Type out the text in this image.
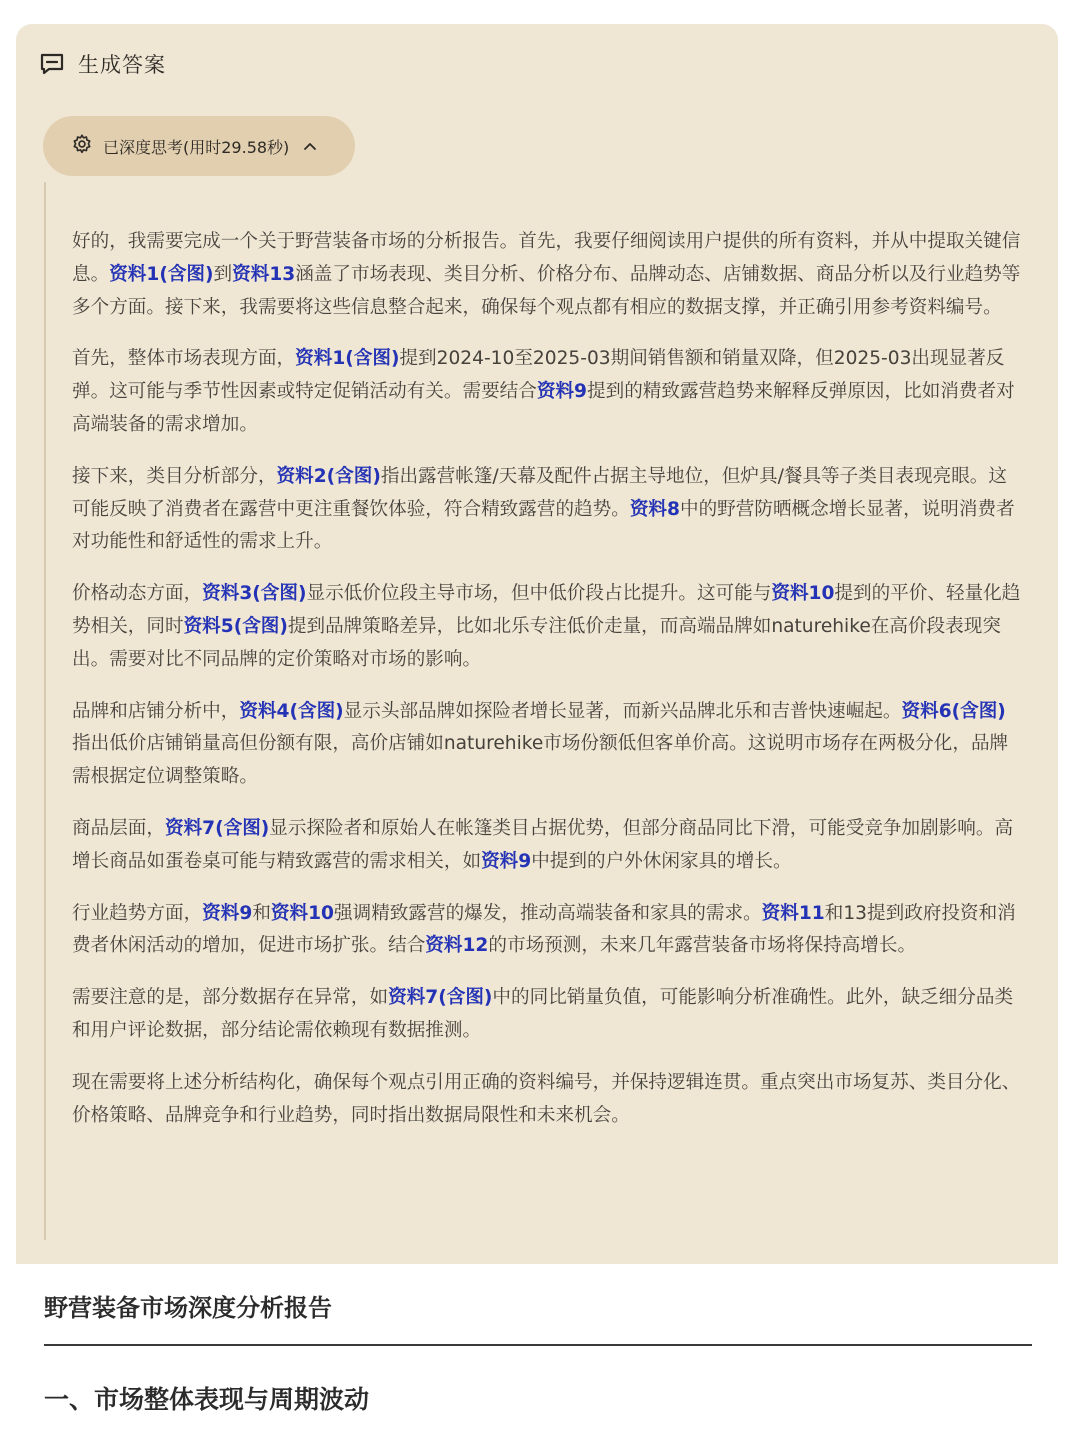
生成答案
已深度思考(用时29.58秒)

好的，我需要完成一个关于野营装备市场的分析报告。首先，我要仔细阅读用户提供的所有资料，并从中提取关键信息。资料1(含图)到资料13涵盖了市场表现、类目分析、价格分布、品牌动态、店铺数据、商品分析以及行业趋势等多个方面。接下来，我需要将这些信息整合起来，确保每个观点都有相应的数据支撑，并正确引用参考资料编号。

首先，整体市场表现方面，资料1(含图)提到2024-10至2025-03期间销售额和销量双降，但2025-03出现显著反弹。这可能与季节性因素或特定促销活动有关。需要结合资料9提到的精致露营趋势来解释反弹原因，比如消费者对高端装备的需求增加。

接下来，类目分析部分，资料2(含图)指出露营帐篷/天幕及配件占据主导地位，但炉具/餐具等子类目表现亮眼。这可能反映了消费者在露营中更注重餐饮体验，符合精致露营的趋势。资料8中的野营防晒概念增长显著，说明消费者对功能性和舒适性的需求上升。

价格动态方面，资料3(含图)显示低价位段主导市场，但中低价段占比提升。这可能与资料10提到的平价、轻量化趋势相关，同时资料5(含图)提到品牌策略差异，比如北乐专注低价走量，而高端品牌如naturehike在高价段表现突出。需要对比不同品牌的定价策略对市场的影响。

品牌和店铺分析中，资料4(含图)显示头部品牌如探险者增长显著，而新兴品牌北乐和吉普快速崛起。资料6(含图)指出低价店铺销量高但份额有限，高价店铺如naturehike市场份额低但客单价高。这说明市场存在两极分化，品牌需根据定位调整策略。

商品层面，资料7(含图)显示探险者和原始人在帐篷类目占据优势，但部分商品同比下滑，可能受竞争加剧影响。高增长商品如蛋卷桌可能与精致露营的需求相关，如资料9中提到的户外休闲家具的增长。

行业趋势方面，资料9和资料10强调精致露营的爆发，推动高端装备和家具的需求。资料11和13提到政府投资和消费者休闲活动的增加，促进市场扩张。结合资料12的市场预测，未来几年露营装备市场将保持高增长。

需要注意的是，部分数据存在异常，如资料7(含图)中的同比销量负值，可能影响分析准确性。此外，缺乏细分品类和用户评论数据，部分结论需依赖现有数据推测。

现在需要将上述分析结构化，确保每个观点引用正确的资料编号，并保持逻辑连贯。重点突出市场复苏、类目分化、价格策略、品牌竞争和行业趋势，同时指出数据局限性和未来机会。

野营装备市场深度分析报告
一、市场整体表现与周期波动
